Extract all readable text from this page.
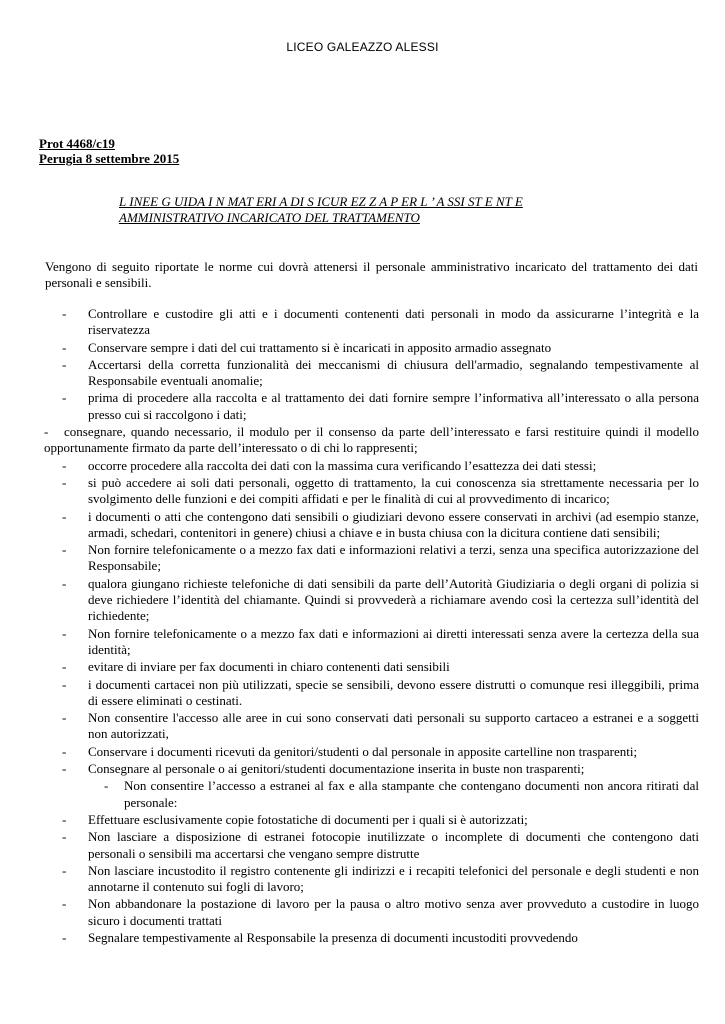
LICEO GALEAZZO ALESSI
Prot 4468/c19
Perugia 8 settembre 2015
L INEE G UIDA I N MAT ERI A DI S ICUR EZ Z A P ER L ’ A SSI ST E NT E
AMMINISTRATIVO INCARICATO DEL TRATTAMENTO
Vengono di seguito riportate le norme cui dovrà attenersi il personale amministrativo incaricato del trattamento dei dati personali e sensibili.
- Controllare e custodire gli atti e i documenti contenenti dati personali in modo da assicurarne l’integrità e la riservatezza
- Conservare sempre i dati del cui trattamento si è incaricati in apposito armadio assegnato
- Accertarsi della corretta funzionalità dei meccanismi di chiusura dell'armadio, segnalando tempestivamente al Responsabile eventuali anomalie;
- prima di procedere alla raccolta e al trattamento dei dati fornire sempre l’informativa all’interessato o alla persona presso cui si raccolgono i dati;
- consegnare, quando necessario, il modulo per il consenso da parte dell’interessato e farsi restituire quindi il modello opportunamente firmato da parte dell’interessato o di chi lo rappresenti;
- occorre procedere alla raccolta dei dati con la massima cura verificando l’esattezza dei dati stessi;
- si può accedere ai soli dati personali, oggetto di trattamento, la cui conoscenza sia strettamente necessaria per lo svolgimento delle funzioni e dei compiti affidati e per le finalità di cui al provvedimento di incarico;
- i documenti o atti che contengono dati sensibili o giudiziari devono essere conservati in archivi (ad esempio stanze, armadi, schedari, contenitori in genere) chiusi a chiave e in busta chiusa con la dicitura contiene dati sensibili;
- Non fornire telefonicamente o a mezzo fax dati e informazioni relativi a terzi, senza una specifica autorizzazione del Responsabile;
- qualora giungano richieste telefoniche di dati sensibili da parte dell’Autorità Giudiziaria o degli organi di polizia si deve richiedere l’identità del chiamante. Quindi si provvederà a richiamare avendo così la certezza sull’identità del richiedente;
- Non fornire telefonicamente o a mezzo fax dati e informazioni ai diretti interessati senza avere la certezza della sua identità;
- evitare di inviare per fax documenti in chiaro contenenti dati sensibili
- i documenti cartacei non più utilizzati, specie se sensibili, devono essere distrutti o comunque resi illeggibili, prima di essere eliminati o cestinati.
- Non consentire l'accesso alle aree in cui sono conservati dati personali su supporto cartaceo a estranei e a soggetti non autorizzati,
- Conservare i documenti ricevuti da genitori/studenti o dal personale in apposite cartelline non trasparenti;
- Consegnare al personale o ai genitori/studenti documentazione inserita in buste non trasparenti;
- Non consentire l’accesso a estranei al fax e alla stampante che contengano documenti non ancora ritirati dal personale:
- Effettuare esclusivamente copie fotostatiche di documenti per i quali si è autorizzati;
- Non lasciare a disposizione di estranei fotocopie inutilizzate o incomplete di documenti che contengono dati personali o sensibili ma accertarsi che vengano sempre distrutte
- Non lasciare incustodito il registro contenente gli indirizzi e i recapiti telefonici del personale e degli studenti e non annotarne il contenuto sui fogli di lavoro;
- Non abbandonare la postazione di lavoro per la pausa o altro motivo senza aver provveduto a custodire in luogo sicuro i documenti trattati
- Segnalare tempestivamente al Responsabile la presenza di documenti incustoditi provvedendo
